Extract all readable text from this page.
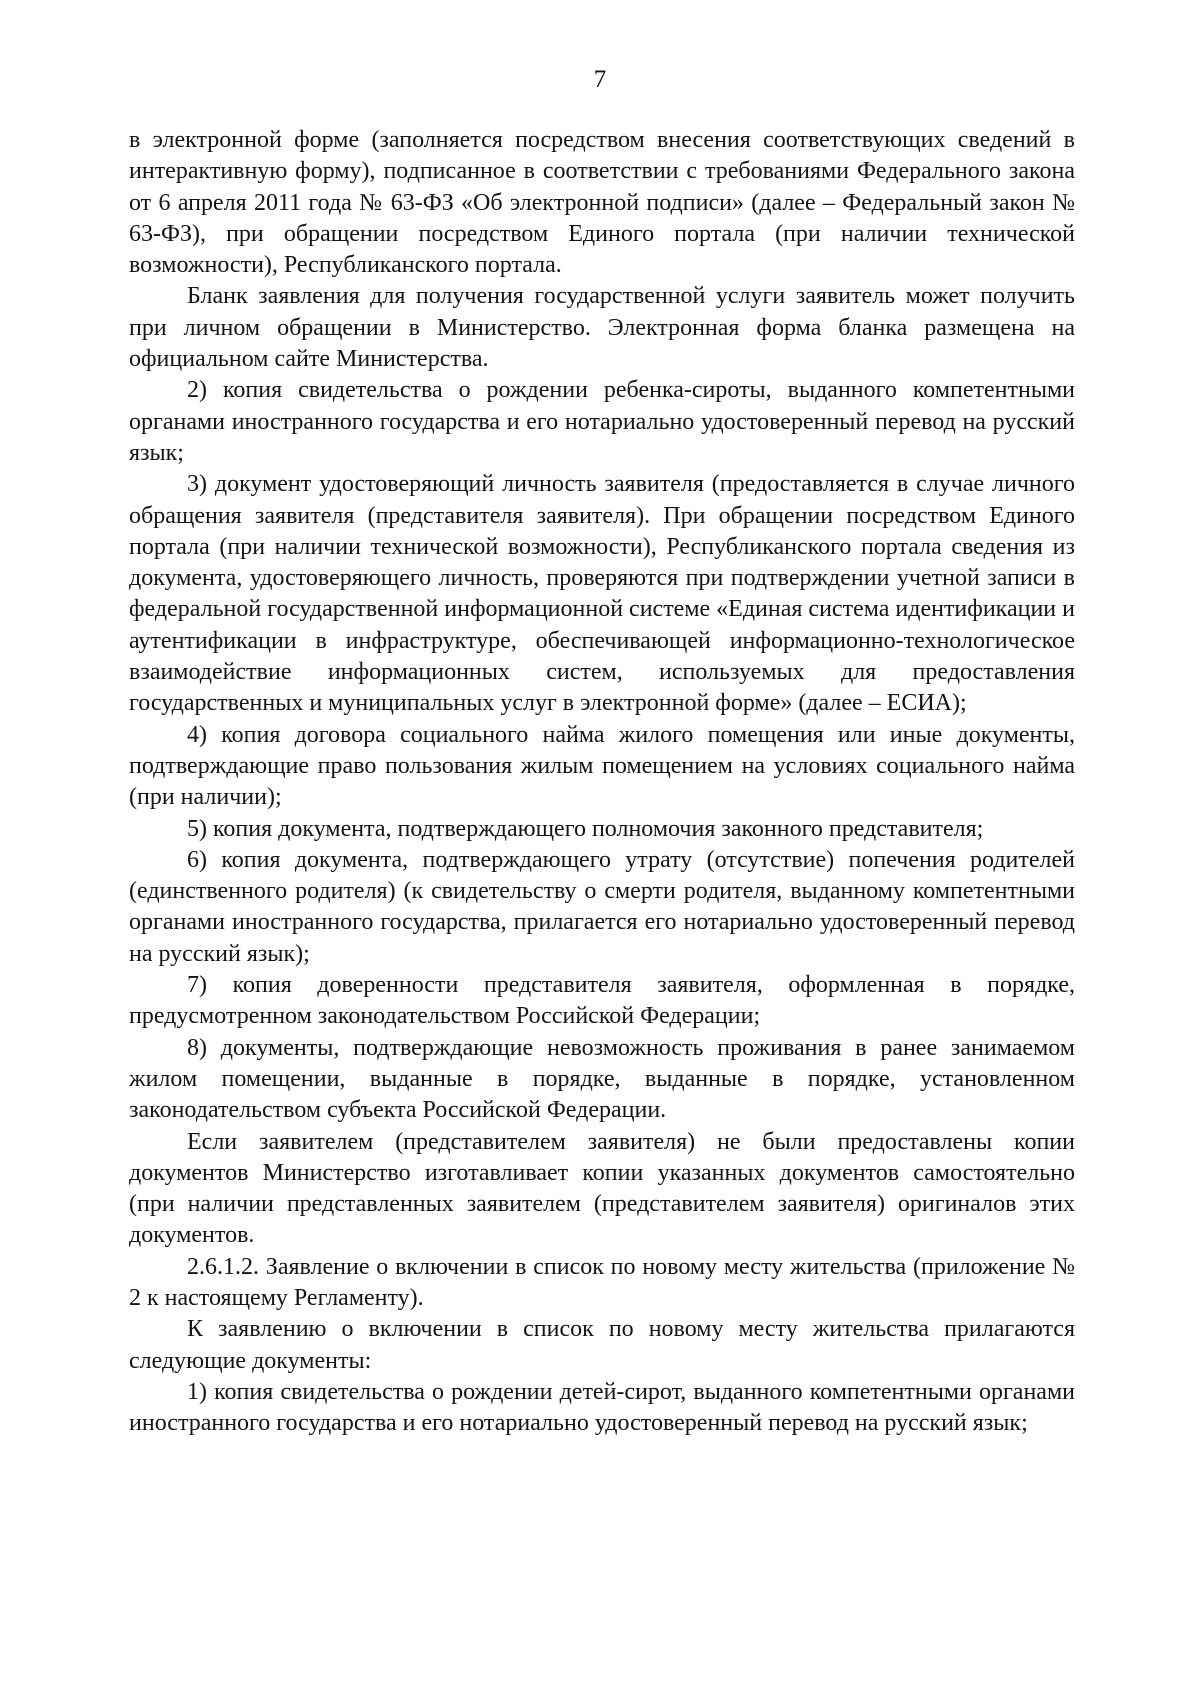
7

в электронной форме (заполняется посредством внесения соответствующих сведений в интерактивную форму), подписанное в соответствии с требованиями Федерального закона от 6 апреля 2011 года № 63-ФЗ «Об электронной подписи» (далее – Федеральный закон № 63-ФЗ), при обращении посредством Единого портала (при наличии технической возможности), Республиканского портала.

Бланк заявления для получения государственной услуги заявитель может получить при личном обращении в Министерство. Электронная форма бланка размещена на официальном сайте Министерства.

2) копия свидетельства о рождении ребенка-сироты, выданного компетентными органами иностранного государства и его нотариально удостоверенный перевод на русский язык;

3) документ удостоверяющий личность заявителя (предоставляется в случае личного обращения заявителя (представителя заявителя). При обращении посредством Единого портала (при наличии технической возможности), Республиканского портала сведения из документа, удостоверяющего личность, проверяются при подтверждении учетной записи в федеральной государственной информационной системе «Единая система идентификации и аутентификации в инфраструктуре, обеспечивающей информационно-технологическое взаимодействие информационных систем, используемых для предоставления государственных и муниципальных услуг в электронной форме» (далее – ЕСИА);

4) копия договора социального найма жилого помещения или иные документы, подтверждающие право пользования жилым помещением на условиях социального найма (при наличии);

5) копия документа, подтверждающего полномочия законного представителя;

6) копия документа, подтверждающего утрату (отсутствие) попечения родителей (единственного родителя) (к свидетельству о смерти родителя, выданному компетентными органами иностранного государства, прилагается его нотариально удостоверенный перевод на русский язык);

7) копия доверенности представителя заявителя, оформленная в порядке, предусмотренном законодательством Российской Федерации;

8) документы, подтверждающие невозможность проживания в ранее занимаемом жилом помещении, выданные в порядке, выданные в порядке, установленном законодательством субъекта Российской Федерации.

Если заявителем (представителем заявителя) не были предоставлены копии документов Министерство изготавливает копии указанных документов самостоятельно (при наличии представленных заявителем (представителем заявителя) оригиналов этих документов.

2.6.1.2. Заявление о включении в список по новому месту жительства (приложение № 2 к настоящему Регламенту).

К заявлению о включении в список по новому месту жительства прилагаются следующие документы:

1) копия свидетельства о рождении детей-сирот, выданного компетентными органами иностранного государства и его нотариально удостоверенный перевод на русский язык;
